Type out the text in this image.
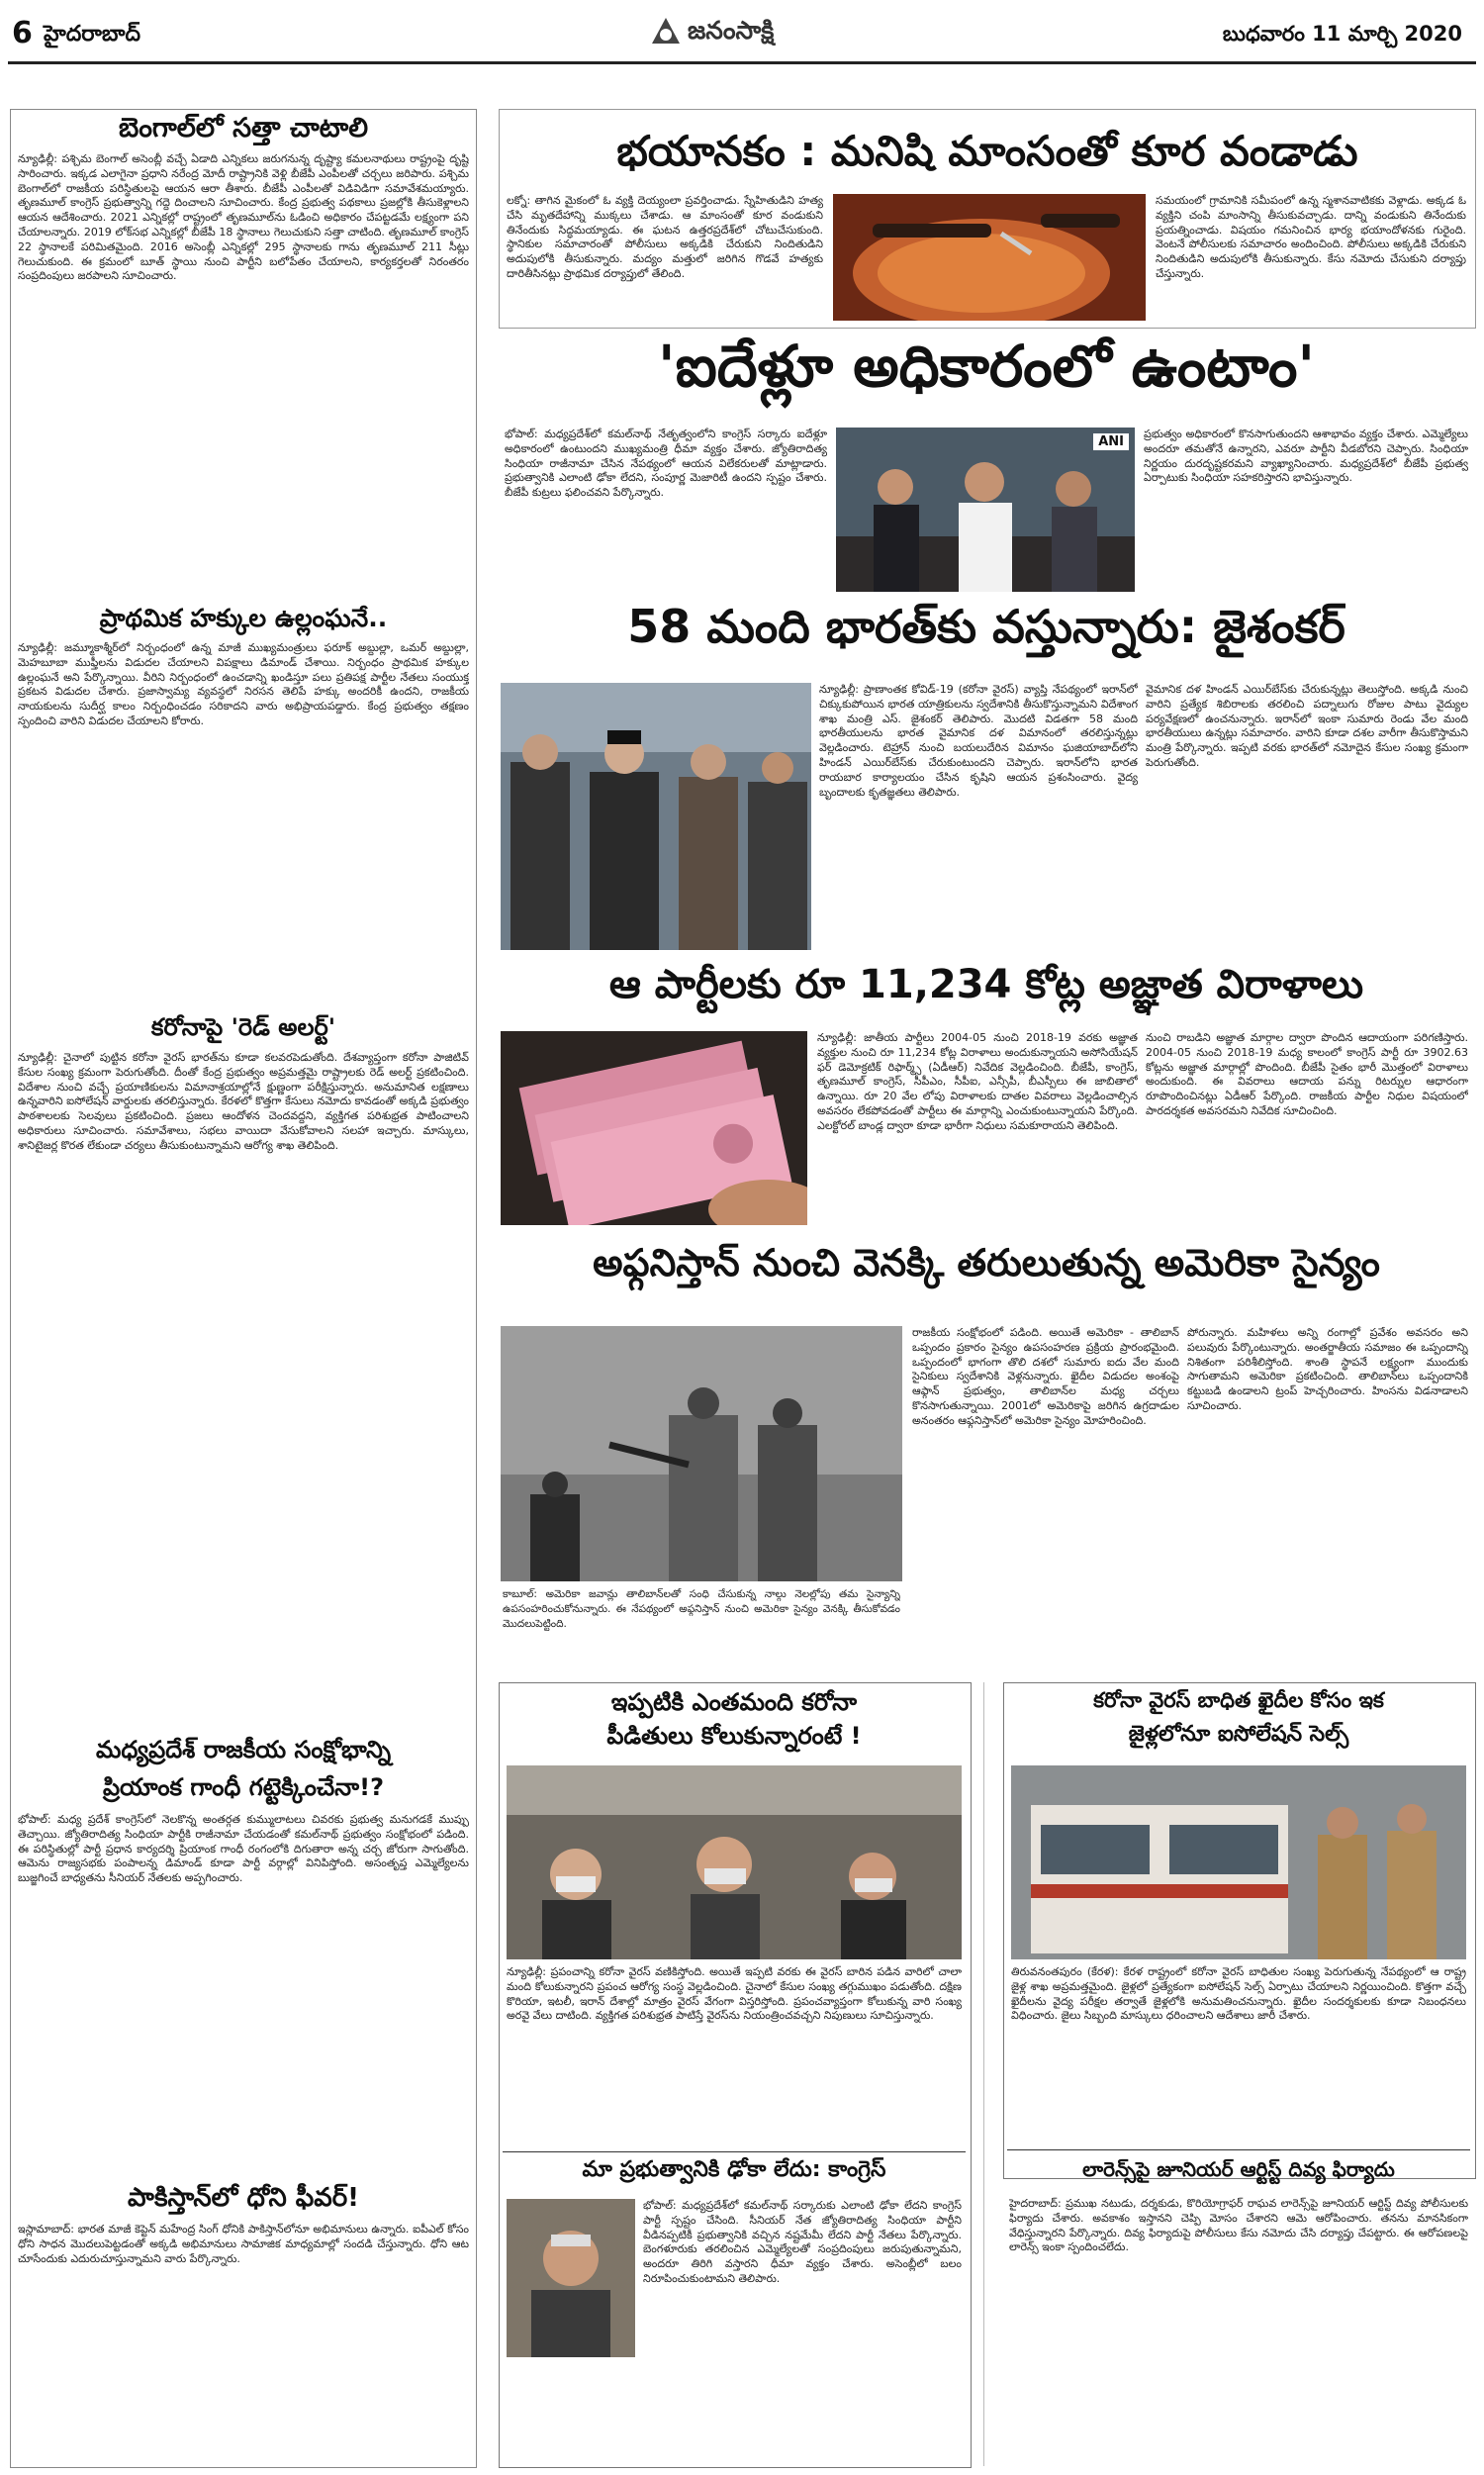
6 హైదరాబాద్	జనంసాక్షి	బుధవారం 11 మార్చి 2020
బెంగాల్‌లో సత్తా చాటాలి
న్యూఢిల్లీ: పశ్చిమ బెంగాల్ అసెంబ్లీ వచ్చే ఏడాది ఎన్నికలు జరుగనున్న దృష్ట్యా కమలనాథులు రాష్ట్రంపై దృష్టి సారించారు. ఇక్కడ ఎలాగైనా ప్రధాని నరేంద్ర మోదీ రాష్ట్రానికి వెళ్లి బీజేపీ ఎంపీలతో చర్చలు జరిపారు. పశ్చిమ బెంగాల్‌లో రాజకీయ పరిస్థితులపై ఆయన ఆరా తీశారు. బీజేపీ ఎంపీలతో విడివిడిగా సమావేశమయ్యారు. తృణమూల్ కాంగ్రెస్ ప్రభుత్వాన్ని గద్దె దించాలని సూచించారు. కేంద్ర ప్రభుత్వ పథకాలు ప్రజల్లోకి తీసుకెళ్లాలని ఆయన ఆదేశించారు. 2021 ఎన్నికల్లో రాష్ట్రంలో తృణమూల్‌ను ఓడించి అధికారం చేపట్టడమే లక్ష్యంగా పని చేయాలన్నారు. 2019 లోక్‌సభ ఎన్నికల్లో బీజేపీ 18 స్థానాలు గెలుచుకుని సత్తా చాటింది. తృణమూల్ కాంగ్రెస్ 22 స్థానాలకే పరిమితమైంది. 2016 అసెంబ్లీ ఎన్నికల్లో 295 స్థానాలకు గాను తృణమూల్ 211 సీట్లు గెలుచుకుంది. ఈ క్రమంలో బూత్ స్థాయి నుంచి పార్టీని బలోపేతం చేయాలని, కార్యకర్తలతో నిరంతరం సంప్రదింపులు జరపాలని సూచించారు.
ప్రాథమిక హక్కుల ఉల్లంఘనే..
న్యూఢిల్లీ: జమ్మూకాశ్మీర్‌లో నిర్బంధంలో ఉన్న మాజీ ముఖ్యమంత్రులు ఫరూక్ అబ్దుల్లా, ఒమర్ అబ్దుల్లా, మెహబూబా ముఫ్తీలను విడుదల చేయాలని విపక్షాలు డిమాండ్ చేశాయి. నిర్బంధం ప్రాథమిక హక్కుల ఉల్లంఘనే అని పేర్కొన్నాయి. వీరిని నిర్బంధంలో ఉంచడాన్ని ఖండిస్తూ పలు ప్రతిపక్ష పార్టీల నేతలు సంయుక్త ప్రకటన విడుదల చేశారు. ప్రజాస్వామ్య వ్యవస్థలో నిరసన తెలిపే హక్కు అందరికీ ఉందని, రాజకీయ నాయకులను సుదీర్ఘ కాలం నిర్బంధించడం సరికాదని వారు అభిప్రాయపడ్డారు. కేంద్ర ప్రభుత్వం తక్షణం స్పందించి వారిని విడుదల చేయాలని కోరారు.
కరోనాపై 'రెడ్ అలర్ట్'
న్యూఢిల్లీ: చైనాలో పుట్టిన కరోనా వైరస్ భారత్‌ను కూడా కలవరపెడుతోంది. దేశవ్యాప్తంగా కరోనా పాజిటివ్ కేసుల సంఖ్య క్రమంగా పెరుగుతోంది. దీంతో కేంద్ర ప్రభుత్వం అప్రమత్తమై రాష్ట్రాలకు రెడ్ అలర్ట్ ప్రకటించింది. విదేశాల నుంచి వచ్చే ప్రయాణికులను విమానాశ్రయాల్లోనే క్షుణ్ణంగా పరీక్షిస్తున్నారు. అనుమానిత లక్షణాలు ఉన్నవారిని ఐసోలేషన్ వార్డులకు తరలిస్తున్నారు. కేరళలో కొత్తగా కేసులు నమోదు కావడంతో అక్కడి ప్రభుత్వం పాఠశాలలకు సెలవులు ప్రకటించింది. ప్రజలు ఆందోళన చెందవద్దని, వ్యక్తిగత పరిశుభ్రత పాటించాలని అధికారులు సూచించారు. సమావేశాలు, సభలు వాయిదా వేసుకోవాలని సలహా ఇచ్చారు. మాస్కులు, శానిటైజర్ల కొరత లేకుండా చర్యలు తీసుకుంటున్నామని ఆరోగ్య శాఖ తెలిపింది.
మధ్యప్రదేశ్ రాజకీయ సంక్షోభాన్ని
ప్రియాంక గాంధీ గట్టెక్కించేనా!?
భోపాల్: మధ్య ప్రదేశ్ కాంగ్రెస్‌లో నెలకొన్న అంతర్గత కుమ్ములాటలు చివరకు ప్రభుత్వ మనుగడకే ముప్పు తెచ్చాయి. జ్యోతిరాదిత్య సింధియా పార్టీకి రాజీనామా చేయడంతో కమల్‌నాథ్ ప్రభుత్వం సంక్షోభంలో పడింది. ఈ పరిస్థితుల్లో పార్టీ ప్రధాన కార్యదర్శి ప్రియాంక గాంధీ రంగంలోకి దిగుతారా అన్న చర్చ జోరుగా సాగుతోంది. ఆమెను రాజ్యసభకు పంపాలన్న డిమాండ్ కూడా పార్టీ వర్గాల్లో వినిపిస్తోంది. అసంతృప్త ఎమ్మెల్యేలను బుజ్జగించే బాధ్యతను సీనియర్ నేతలకు అప్పగించారు.
పాకిస్తాన్‌లో ధోని ఫీవర్!
ఇస్లామాబాద్: భారత మాజీ కెప్టెన్ మహేంద్ర సింగ్ ధోనికి పాకిస్తాన్‌లోనూ అభిమానులు ఉన్నారు. ఐపీఎల్ కోసం ధోని సాధన మొదలుపెట్టడంతో అక్కడి అభిమానులు సామాజిక మాధ్యమాల్లో సందడి చేస్తున్నారు. ధోని ఆట చూసేందుకు ఎదురుచూస్తున్నామని వారు పేర్కొన్నారు.
భయానకం : మనిషి మాంసంతో కూర వండాడు
లక్నో: తాగిన మైకంలో ఓ వ్యక్తి దెయ్యంలా ప్రవర్తించాడు. స్నేహితుడిని హత్య చేసి మృతదేహాన్ని ముక్కలు చేశాడు. ఆ మాంసంతో కూర వండుకుని తినేందుకు సిద్ధమయ్యాడు. ఈ ఘటన ఉత్తరప్రదేశ్‌లో చోటుచేసుకుంది. స్థానికుల సమాచారంతో పోలీసులు అక్కడికి చేరుకుని నిందితుడిని అదుపులోకి తీసుకున్నారు. మద్యం మత్తులో జరిగిన గొడవే హత్యకు దారితీసినట్లు ప్రాథమిక దర్యాప్తులో తేలింది.
సమయంలో గ్రామానికి సమీపంలో ఉన్న స్మశానవాటికకు వెళ్లాడు. అక్కడ ఓ వ్యక్తిని చంపి మాంసాన్ని తీసుకువచ్చాడు. దాన్ని వండుకుని తినేందుకు ప్రయత్నించాడు. విషయం గమనించిన భార్య భయాందోళనకు గురైంది. వెంటనే పోలీసులకు సమాచారం అందించింది. పోలీసులు అక్కడికి చేరుకుని నిందితుడిని అదుపులోకి తీసుకున్నారు. కేసు నమోదు చేసుకుని దర్యాప్తు చేస్తున్నారు.
'ఐదేళ్లూ అధికారంలో ఉంటాం'
భోపాల్: మధ్యప్రదేశ్‌లో కమల్‌నాథ్ నేతృత్వంలోని కాంగ్రెస్ సర్కారు ఐదేళ్లూ అధికారంలో ఉంటుందని ముఖ్యమంత్రి ధీమా వ్యక్తం చేశారు. జ్యోతిరాదిత్య సింధియా రాజీనామా చేసిన నేపథ్యంలో ఆయన విలేకరులతో మాట్లాడారు. ప్రభుత్వానికి ఎలాంటి ఢోకా లేదని, సంపూర్ణ మెజారిటీ ఉందని స్పష్టం చేశారు. బీజేపీ కుట్రలు ఫలించవని పేర్కొన్నారు.
ANI
ప్రభుత్వం అధికారంలో కొనసాగుతుందని ఆశాభావం వ్యక్తం చేశారు. ఎమ్మెల్యేలు అందరూ తమతోనే ఉన్నారని, ఎవరూ పార్టీని వీడబోరని చెప్పారు. సింధియా నిర్ణయం దురదృష్టకరమని వ్యాఖ్యానించారు. మధ్యప్రదేశ్‌లో బీజేపీ ప్రభుత్వ ఏర్పాటుకు సింధియా సహకరిస్తారని భావిస్తున్నారు.
58 మంది భారత్‌కు వస్తున్నారు: జైశంకర్
న్యూఢిల్లీ: ప్రాణాంతక కోవిడ్-19 (కరోనా వైరస్) వ్యాప్తి నేపథ్యంలో ఇరాన్‌లో చిక్కుకుపోయిన భారత యాత్రికులను స్వదేశానికి తీసుకొస్తున్నామని విదేశాంగ శాఖ మంత్రి ఎస్. జైశంకర్ తెలిపారు. మొదటి విడతగా 58 మంది భారతీయులను భారత వైమానిక దళ విమానంలో తరలిస్తున్నట్లు వెల్లడించారు. టెహ్రాన్ నుంచి బయలుదేరిన విమానం ఘజియాబాద్‌లోని హిండన్ ఎయిర్‌బేస్‌కు చేరుకుంటుందని చెప్పారు. ఇరాన్‌లోని భారత రాయబార కార్యాలయం చేసిన కృషిని ఆయన ప్రశంసించారు. వైద్య బృందాలకు కృతజ్ఞతలు తెలిపారు.
వైమానిక దళ హిండన్ ఎయిర్‌బేస్‌కు చేరుకున్నట్లు తెలుస్తోంది. అక్కడి నుంచి వారిని ప్రత్యేక శిబిరాలకు తరలించి పద్నాలుగు రోజుల పాటు వైద్యుల పర్యవేక్షణలో ఉంచనున్నారు. ఇరాన్‌లో ఇంకా సుమారు రెండు వేల మంది భారతీయులు ఉన్నట్లు సమాచారం. వారిని కూడా దశల వారీగా తీసుకొస్తామని మంత్రి పేర్కొన్నారు. ఇప్పటి వరకు భారత్‌లో నమోదైన కేసుల సంఖ్య క్రమంగా పెరుగుతోంది.
ఆ పార్టీలకు రూ 11,234 కోట్ల అజ్ఞాత విరాళాలు
న్యూఢిల్లీ: జాతీయ పార్టీలు 2004-05 నుంచి 2018-19 వరకు అజ్ఞాత వ్యక్తుల నుంచి రూ 11,234 కోట్ల విరాళాలు అందుకున్నాయని అసోసియేషన్ ఫర్ డెమోక్రటిక్ రిఫార్మ్స్ (ఏడీఆర్) నివేదిక వెల్లడించింది. బీజేపీ, కాంగ్రెస్, తృణమూల్ కాంగ్రెస్, సీపీఎం, సీపీఐ, ఎన్సీపీ, బీఎస్పీలు ఈ జాబితాలో ఉన్నాయి. రూ 20 వేల లోపు విరాళాలకు దాతల వివరాలు వెల్లడించాల్సిన అవసరం లేకపోవడంతో పార్టీలు ఈ మార్గాన్ని ఎంచుకుంటున్నాయని పేర్కొంది. ఎలక్టోరల్ బాండ్ల ద్వారా కూడా భారీగా నిధులు సమకూరాయని తెలిపింది.
నుంచి రాబడిని అజ్ఞాత మార్గాల ద్వారా పొందిన ఆదాయంగా పరిగణిస్తారు. 2004-05 నుంచి 2018-19 మధ్య కాలంలో కాంగ్రెస్ పార్టీ రూ 3902.63 కోట్లను అజ్ఞాత మార్గాల్లో పొందింది. బీజేపీ సైతం భారీ మొత్తంలో విరాళాలు అందుకుంది. ఈ వివరాలు ఆదాయ పన్ను రిటర్నుల ఆధారంగా రూపొందించినట్లు ఏడీఆర్ పేర్కొంది. రాజకీయ పార్టీల నిధుల విషయంలో పారదర్శకత అవసరమని నివేదిక సూచించింది.
అఫ్గనిస్తాన్ నుంచి వెనక్కి తరులుతున్న అమెరికా సైన్యం
కాబూల్: అమెరికా జవాన్లు తాలిబాన్‌లతో సంధి చేసుకున్న నాల్గు నెలల్లోపు తమ సైన్యాన్ని ఉపసంహరించుకోనున్నారు. ఈ నేపథ్యంలో అఫ్గనిస్తాన్ నుంచి అమెరికా సైన్యం వెనక్కి తీసుకోవడం మొదలుపెట్టింది.
రాజకీయ సంక్షోభంలో పడింది. అయితే అమెరికా - తాలిబాన్ ఒప్పందం ప్రకారం సైన్యం ఉపసంహరణ ప్రక్రియ ప్రారంభమైంది. ఒప్పందంలో భాగంగా తొలి దశలో సుమారు ఐదు వేల మంది సైనికులు స్వదేశానికి వెళ్లనున్నారు. ఖైదీల విడుదల అంశంపై ఆఫ్గాన్ ప్రభుత్వం, తాలిబాన్‌ల మధ్య చర్చలు కొనసాగుతున్నాయి. 2001లో అమెరికాపై జరిగిన ఉగ్రదాడుల అనంతరం ఆఫ్గనిస్తాన్‌లో అమెరికా సైన్యం మోహరించింది.
పోరున్నారు. మహిళలు అన్ని రంగాల్లో ప్రవేశం అవసరం అని పలువురు పేర్కొంటున్నారు. అంతర్జాతీయ సమాజం ఈ ఒప్పందాన్ని నిశితంగా పరిశీలిస్తోంది. శాంతి స్థాపనే లక్ష్యంగా ముందుకు సాగుతామని అమెరికా ప్రకటించింది. తాలిబాన్‌లు ఒప్పందానికి కట్టుబడి ఉండాలని ట్రంప్ హెచ్చరించారు. హింసను విడనాడాలని సూచించారు.
ఇప్పటికి ఎంతమంది కరోనా
పీడితులు కోలుకున్నారంటే !
న్యూఢిల్లీ: ప్రపంచాన్ని కరోనా వైరస్ వణికిస్తోంది. అయితే ఇప్పటి వరకు ఈ వైరస్ బారిన పడిన వారిలో చాలా మంది కోలుకున్నారని ప్రపంచ ఆరోగ్య సంస్థ వెల్లడించింది. చైనాలో కేసుల సంఖ్య తగ్గుముఖం పడుతోంది. దక్షిణ కొరియా, ఇటలీ, ఇరాన్ దేశాల్లో మాత్రం వైరస్ వేగంగా విస్తరిస్తోంది. ప్రపంచవ్యాప్తంగా కోలుకున్న వారి సంఖ్య అరవై వేలు దాటింది. వ్యక్తిగత పరిశుభ్రత పాటిస్తే వైరస్‌ను నియంత్రించవచ్చని నిపుణులు సూచిస్తున్నారు.
మా ప్రభుత్వానికి ఢోకా లేదు: కాంగ్రెస్
భోపాల్: మధ్యప్రదేశ్‌లో కమల్‌నాథ్ సర్కారుకు ఎలాంటి ఢోకా లేదని కాంగ్రెస్ పార్టీ స్పష్టం చేసింది. సీనియర్ నేత జ్యోతిరాదిత్య సింధియా పార్టీని వీడినప్పటికీ ప్రభుత్వానికి వచ్చిన నష్టమేమీ లేదని పార్టీ నేతలు పేర్కొన్నారు. బెంగళూరుకు తరలించిన ఎమ్మెల్యేలతో సంప్రదింపులు జరుపుతున్నామని, అందరూ తిరిగి వస్తారని ధీమా వ్యక్తం చేశారు. అసెంబ్లీలో బలం నిరూపించుకుంటామని తెలిపారు.
కరోనా వైరస్ బాధిత ఖైదీల కోసం ఇక
జైళ్లలోనూ ఐసోలేషన్ సెల్స్
తిరువనంతపురం (కేరళ): కేరళ రాష్ట్రంలో కరోనా వైరస్ బాధితుల సంఖ్య పెరుగుతున్న నేపథ్యంలో ఆ రాష్ట్ర జైళ్ల శాఖ అప్రమత్తమైంది. జైళ్లలో ప్రత్యేకంగా ఐసోలేషన్ సెల్స్ ఏర్పాటు చేయాలని నిర్ణయించింది. కొత్తగా వచ్చే ఖైదీలను వైద్య పరీక్షల తర్వాతే జైళ్లలోకి అనుమతించనున్నారు. ఖైదీల సందర్శకులకు కూడా నిబంధనలు విధించారు. జైలు సిబ్బంది మాస్కులు ధరించాలని ఆదేశాలు జారీ చేశారు.
లారెన్స్‌పై జూనియర్ ఆర్టిస్ట్ దివ్య ఫిర్యాదు
హైదరాబాద్: ప్రముఖ నటుడు, దర్శకుడు, కొరియోగ్రాఫర్ రాఘవ లారెన్స్‌పై జూనియర్ ఆర్టిస్ట్ దివ్య పోలీసులకు ఫిర్యాదు చేశారు. అవకాశం ఇస్తానని చెప్పి మోసం చేశారని ఆమె ఆరోపించారు. తనను మానసికంగా వేధిస్తున్నారని పేర్కొన్నారు. దివ్య ఫిర్యాదుపై పోలీసులు కేసు నమోదు చేసి దర్యాప్తు చేపట్టారు. ఈ ఆరోపణలపై లారెన్స్ ఇంకా స్పందించలేదు.
